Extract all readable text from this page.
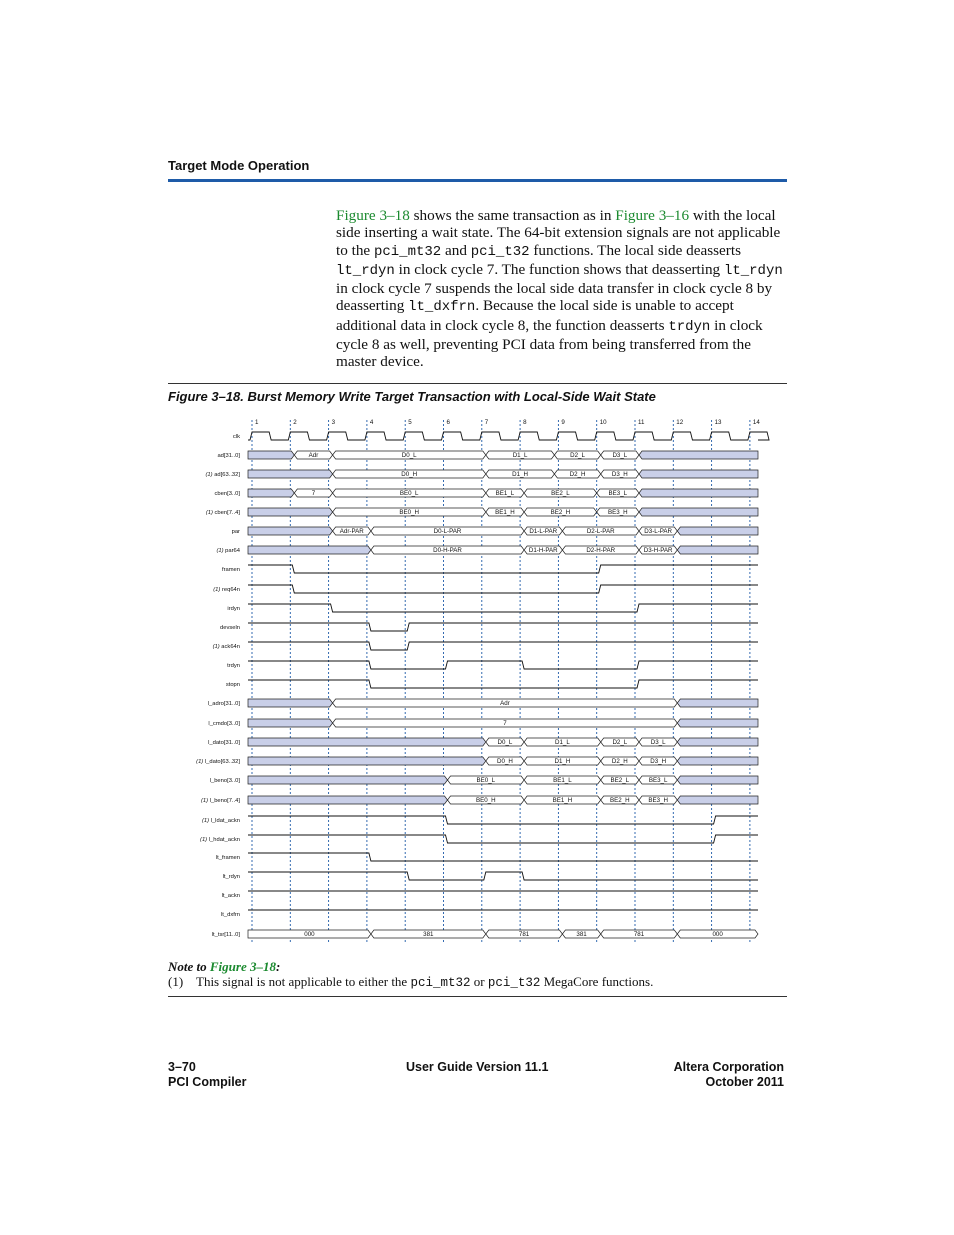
Target Mode Operation
Figure 3–18 shows the same transaction as in Figure 3–16 with the local side inserting a wait state. The 64-bit extension signals are not applicable to the pci_mt32 and pci_t32 functions. The local side deasserts lt_rdyn in clock cycle 7. The function shows that deasserting lt_rdyn in clock cycle 7 suspends the local side data transfer in clock cycle 8 by deasserting lt_dxfrn. Because the local side is unable to accept additional data in clock cycle 8, the function deasserts trdyn in clock cycle 8 as well, preventing PCI data from being transferred from the master device.
Figure 3–18. Burst Memory Write Target Transaction with Local-Side Wait State
1	2	3	4	5	6	7	8	9	10	11	12	13	14
clk
ad[31..0]
(1) ad[63..32]
cben[3..0]
(1) cben[7..4]
par
(1) par64
framen
(1) req64n
irdyn
devseln
(1) ack64n
trdyn
stopn
l_adro[31..0]
l_cmdo[3..0]
l_dato[31..0]
(1) l_dato[63..32]
l_beno[3..0]
(1) l_beno[7..4]
(1) l_ldat_ackn
(1) l_hdat_ackn
lt_framen
lt_rdyn
lt_ackn
lt_dxfrn
lt_tsr[11..0]
Adr	D0_L	D1_L	D2_L	D3_L
D0_H	D1_H	D2_H	D3_H
7	BE0_L	BE1_L	BE2_L	BE3_L
BE0_H	BE1_H	BE2_H	BE3_H
Adr-PAR	D0-L-PAR	D1-L-PAR	D2-L-PAR	D3-L-PAR
D0-H-PAR	D1-H-PAR	D2-H-PAR	D3-H-PAR
Adr
7
D0_L	D1_L	D2_L	D3_L
D0_H	D1_H	D2_H	D3_H
BE0_L	BE1_L	BE2_L	BE3_L
BE0_H	BE1_H	BE2_H	BE3_H
000	381	781	381	781	000
Note to Figure 3–18:
(1) This signal is not applicable to either the pci_mt32 or pci_t32 MegaCore functions.
3–70
PCI Compiler
User Guide Version 11.1	Altera Corporation
October 2011
